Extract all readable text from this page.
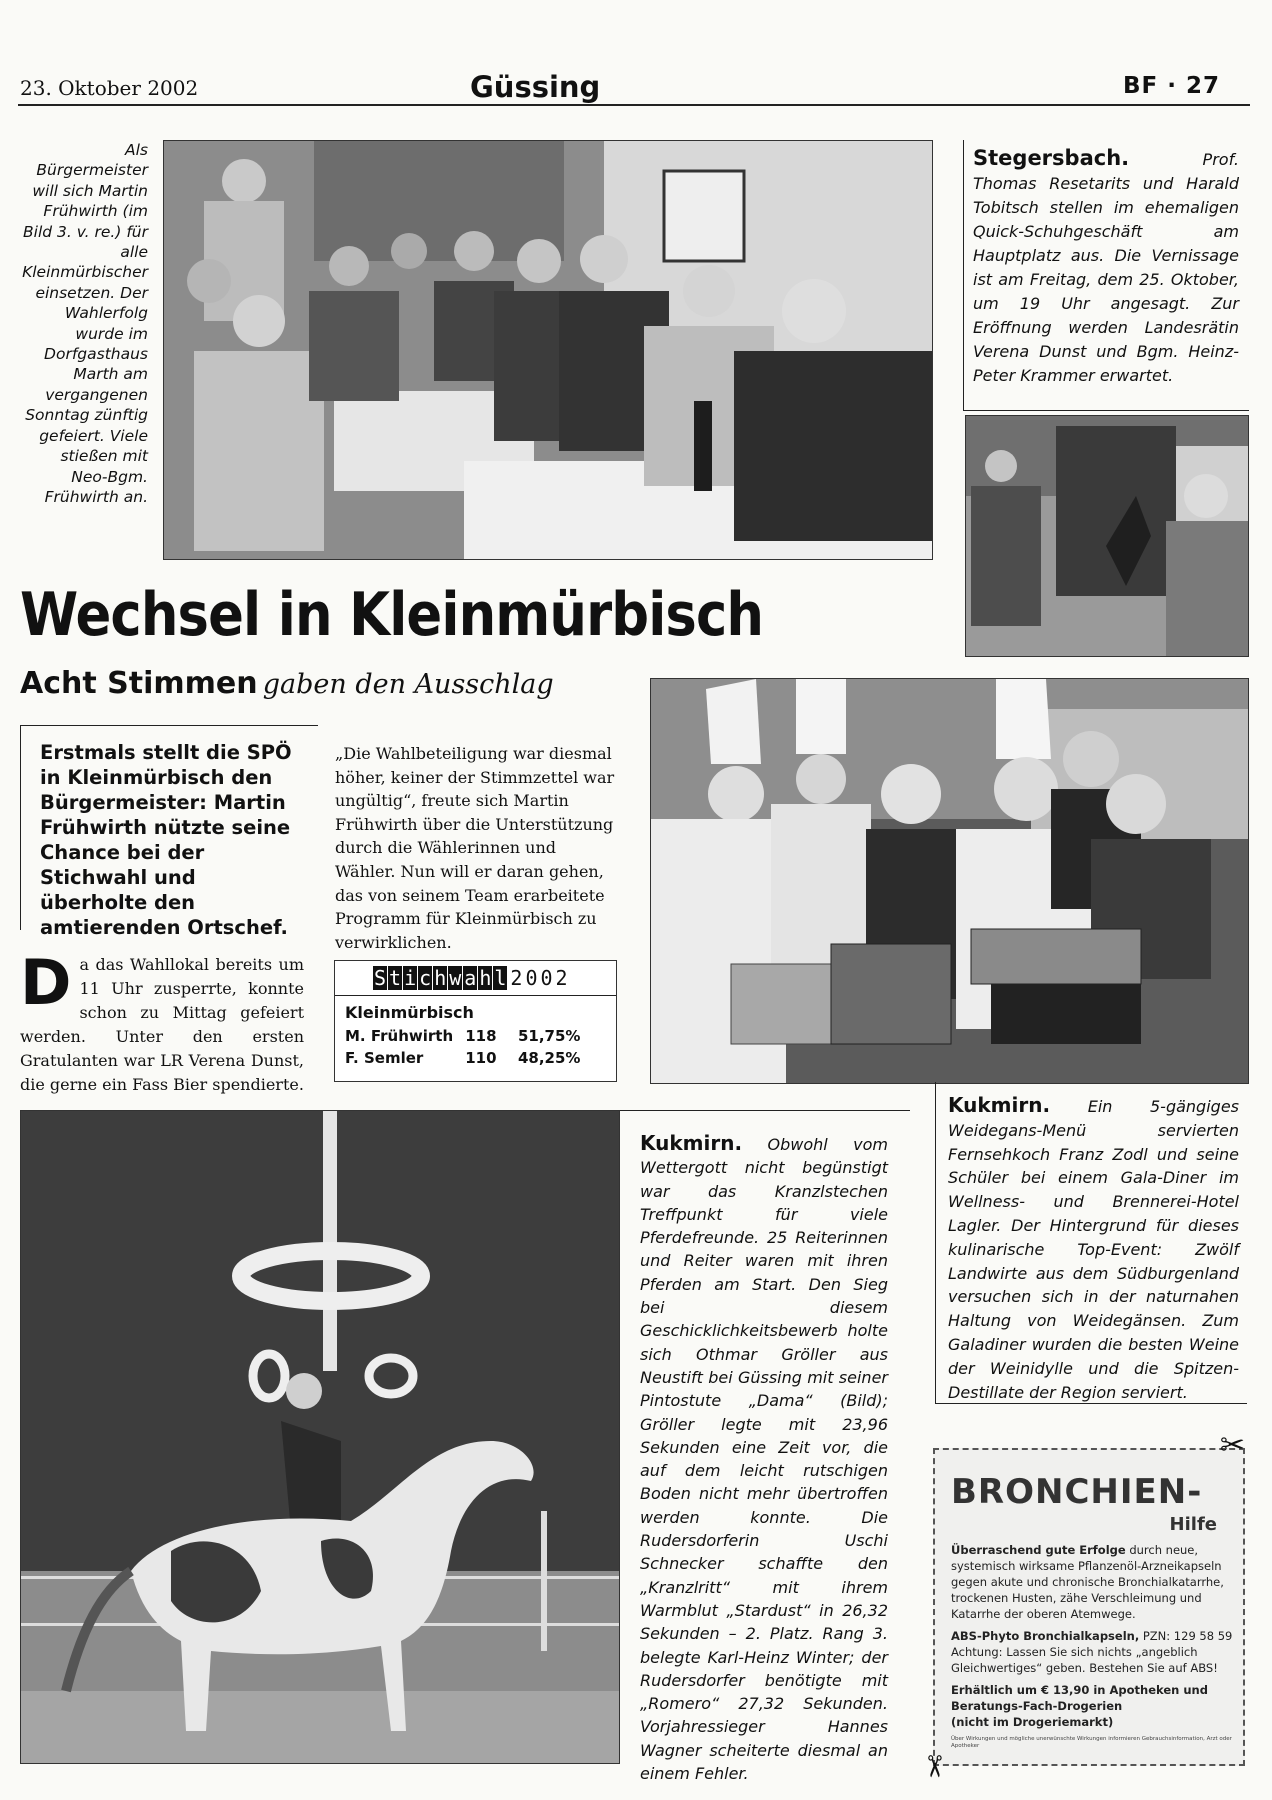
23. Oktober 2002	Güssing	BF · 27
Als Bürgermeister will sich Martin Frühwirth (im Bild 3. v. re.) für alle Kleinmürbischer einsetzen. Der Wahlerfolg wurde im Dorfgasthaus Marth am vergangenen Sonntag zünftig gefeiert. Viele stießen mit Neo-Bgm. Frühwirth an.

Stegersbach.	Prof. Thomas Resetarits und Harald Tobitsch stellen im ehemaligen Quick-Schuhgeschäft am Hauptplatz aus. Die Vernissage ist am Freitag, dem 25. Oktober, um 19 Uhr angesagt. Zur Eröffnung werden Landesrätin Verena Dunst und Bgm. Heinz-Peter Krammer erwartet.

Wechsel in Kleinmürbisch
Acht Stimmen gaben den Ausschlag
Erstmals stellt die SPÖ in Kleinmürbisch den Bürgermeister: Martin Frühwirth nützte seine Chance bei der Stichwahl und überholte den amtierenden Ortschef.
D a das Wahllokal bereits um 11 Uhr zusperrte, konnte schon zu Mittag gefeiert werden. Unter den ersten Gratulanten war LR Verena Dunst, die gerne ein Fass Bier spendierte.
„Die Wahlbeteiligung war diesmal höher, keiner der Stimmzettel war ungültig“, freute sich Martin Frühwirth über die Unterstützung durch die Wählerinnen und Wähler. Nun will er daran gehen, das von seinem Team erarbeitete Programm für Kleinmürbisch zu verwirklichen.
S t i c h w a h l 2002
Kleinmürbisch
M. Frühwirth 118 51,75%
F. Semler	110 48,25%
Kukmirn. Obwohl vom Wettergott nicht begünstigt war das Kranzlstechen Treffpunkt für viele Pferdefreunde. 25 Reiterinnen und Reiter waren mit ihren Pferden am Start. Den Sieg bei diesem Geschicklichkeitsbewerb holte sich Othmar Gröller aus Neustift bei Güssing mit seiner Pintostute „Dama“ (Bild); Gröller legte mit 23,96 Sekunden eine Zeit vor, die auf dem leicht rutschigen Boden nicht mehr übertroffen werden konnte. Die Rudersdorferin Uschi Schnecker schaffte den „Kranzlritt“ mit ihrem Warmblut „Stardust“ in 26,32 Sekunden – 2. Platz. Rang 3. belegte Karl-Heinz Winter; der Rudersdorfer benötigte mit „Romero“ 27,32 Sekunden. Vorjahressieger Hannes Wagner scheiterte diesmal an einem Fehler.

Kukmirn. Ein 5-gängiges Weidegans-Menü servierten Fernsehkoch Franz Zodl und seine Schüler bei einem Gala-Diner im Wellness- und Brennerei-Hotel Lagler. Der Hintergrund für dieses kulinarische Top-Event: Zwölf Landwirte aus dem Südburgenland versuchen sich in der naturnahen Haltung von Weidegänsen. Zum Galadiner wurden die besten Weine der Weinidylle und die Spitzen-Destillate der Region serviert.

✂
✂
BRONCHIEN-
Hilfe

Überraschend gute Erfolge durch neue, systemisch wirksame Pflanzenöl-Arzneikapseln gegen akute und chronische Bronchialkatarrhe, trockenen Husten, zähe Verschleimung und Katarrhe der oberen Atemwege.

ABS-Phyto Bronchialkapseln, PZN: 129 58 59

Achtung: Lassen Sie sich nichts „angeblich Gleichwertiges“ geben. Bestehen Sie auf ABS!

Erhältlich um € 13,90 in Apotheken und Beratungs-Fach-Drogerien

(nicht im Drogeriemarkt)

Über Wirkungen und mögliche unerwünschte Wirkungen informieren Gebrauchsinformation, Arzt oder Apotheker
